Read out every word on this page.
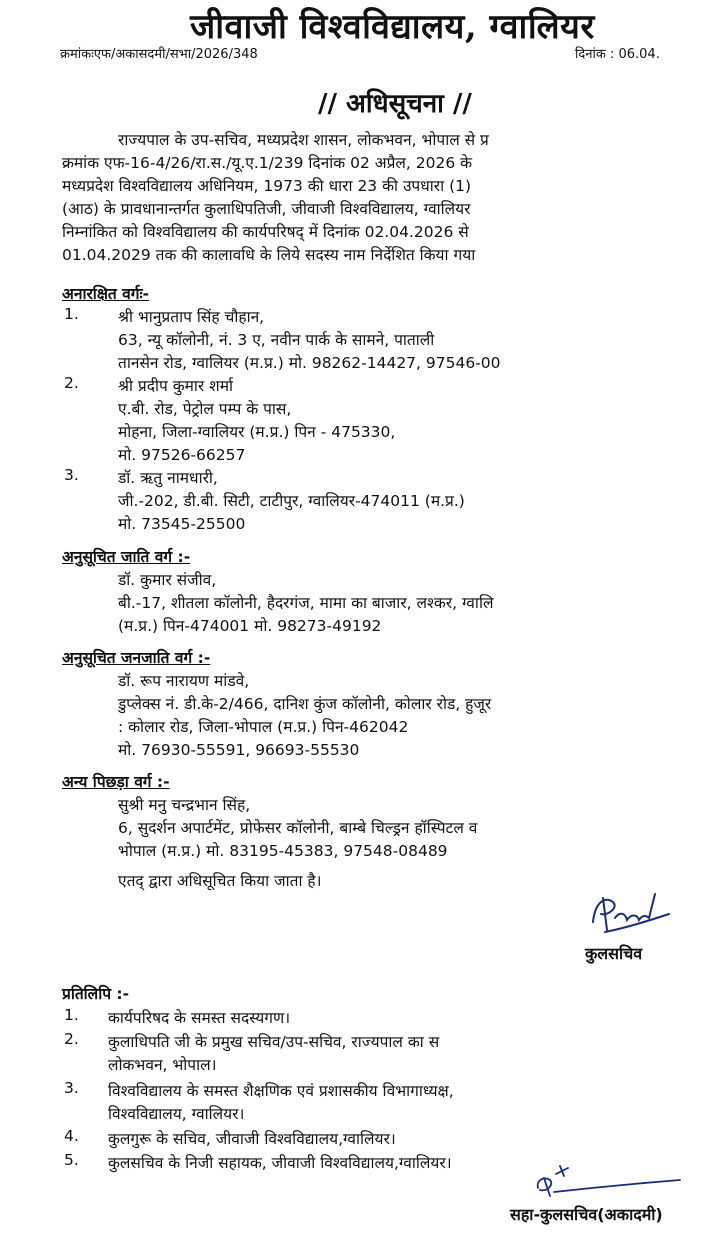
जीवाजी विश्वविद्यालय, ग्वालियर
क्रमांकःएफ/अकासदमी/सभा/2026/348	दिनांक : 06.04.
// अधिसूचना //
राज्यपाल के उप-सचिव, मध्यप्रदेश शासन, लोकभवन, भोपाल से प्र
क्रमांक एफ-16-4/26/रा.स./यू.ए.1/239 दिनांक 02 अप्रैल, 2026 के
मध्यप्रदेश विश्वविद्यालय अधिनियम, 1973 की धारा 23 की उपधारा (1)
(आठ) के प्रावधानान्तर्गत कुलाधिपतिजी, जीवाजी विश्वविद्यालय, ग्वालियर
निम्नांकित को विश्वविद्यालय की कार्यपरिषद् में दिनांक 02.04.2026 से
01.04.2029 तक की कालावधि के लिये सदस्य नाम निर्देशित किया गया
अनारक्षित वर्गः-
1.	श्री भानुप्रताप सिंह चौहान,
63, न्यू कॉलोनी, नं. 3 ए, नवीन पार्क के सामने, पाताली
तानसेन रोड, ग्वालियर (म.प्र.) मो. 98262-14427, 97546-00
2.	श्री प्रदीप कुमार शर्मा
ए.बी. रोड, पेट्रोल पम्प के पास,
मोहना, जिला-ग्वालियर (म.प्र.) पिन - 475330,
मो. 97526-66257
3.	डॉ. ऋतु नामधारी,
जी.-202, डी.बी. सिटी, टाटीपुर, ग्वालियर-474011 (म.प्र.)
मो. 73545-25500
अनुसूचित जाति वर्ग :-
डॉ. कुमार संजीव,
बी.-17, शीतला कॉलोनी, हैदरगंज, मामा का बाजार, लश्कर, ग्वालि
(म.प्र.) पिन-474001 मो. 98273-49192
अनुसूचित जनजाति वर्ग :-
डॉ. रूप नारायण मांडवे,
डुप्लेक्स नं. डी.के-2/466, दानिश कुंज कॉलोनी, कोलार रोड, हुजूर
: कोलार रोड, जिला-भोपाल (म.प्र.) पिन-462042
मो. 76930-55591, 96693-55530
अन्य पिछड़ा वर्ग :-
सुश्री मनु चन्द्रभान सिंह,
6, सुदर्शन अपार्टमेंट, प्रोफेसर कॉलोनी, बाम्बे चिल्ड्रन हॉस्पिटल व
भोपाल (म.प्र.) मो. 83195-45383, 97548-08489
एतद् द्वारा अधिसूचित किया जाता है।
कुलसचिव
प्रतिलिपि :-
1. कार्यपरिषद के समस्त सदस्यगण।
2. कुलाधिपति जी के प्रमुख सचिव/उप-सचिव, राज्यपाल का स
लोकभवन, भोपाल।
3. विश्वविद्यालय के समस्त शैक्षणिक एवं प्रशासकीय विभागाध्यक्ष,
विश्वविद्यालय, ग्वालियर।
4. कुलगुरू के सचिव, जीवाजी विश्वविद्यालय,ग्वालियर।
5. कुलसचिव के निजी सहायक, जीवाजी विश्वविद्यालय,ग्वालियर।
सहा-कुलसचिव(अकादमी)
